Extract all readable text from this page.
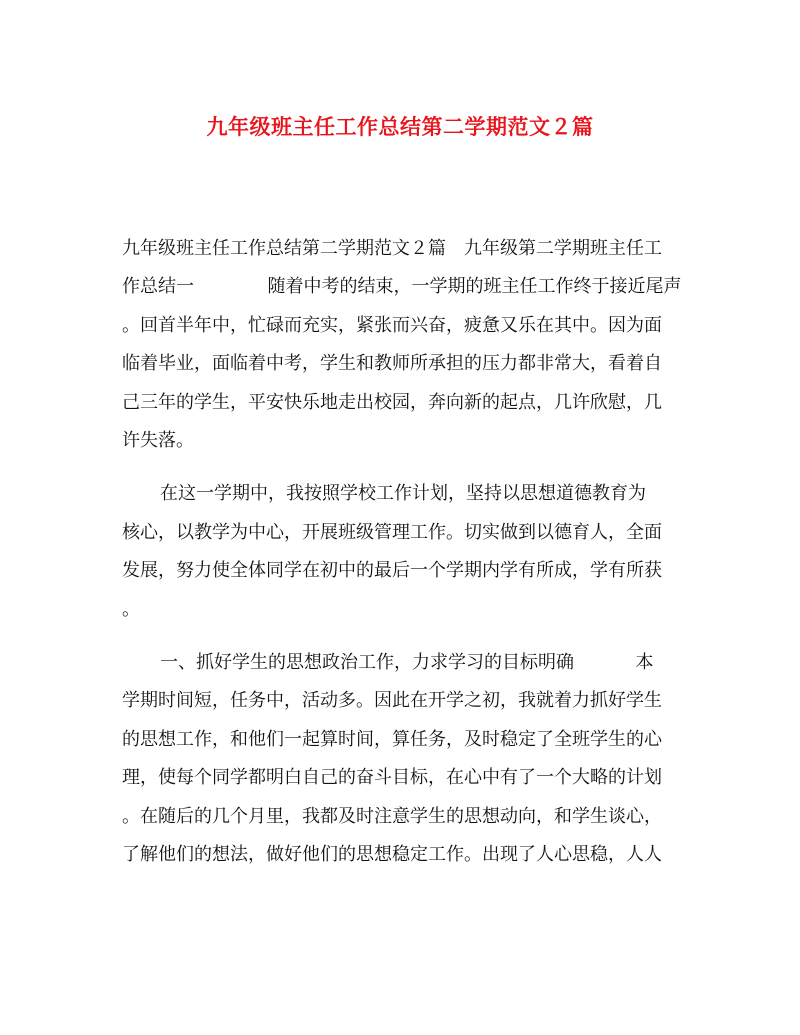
九年级班主任工作总结第二学期范文２篇
九年级班主任工作总结第二学期范文２篇　九年级第二学期班主任工
作总结一	随着中考的结束，一学期的班主任工作终于接近尾声
。回首半年中，忙碌而充实，紧张而兴奋，疲惫又乐在其中。因为面
临着毕业，面临着中考，学生和教师所承担的压力都非常大，看着自
己三年的学生，平安快乐地走出校园，奔向新的起点，几许欣慰，几
许失落。
在这一学期中，我按照学校工作计划，坚持以思想道德教育为
核心，以教学为中心，开展班级管理工作。切实做到以德育人，全面
发展，努力使全体同学在初中的最后一个学期内学有所成，学有所获
。
一、抓好学生的思想政治工作，力求学习的目标明确	本
学期时间短，任务中，活动多。因此在开学之初，我就着力抓好学生
的思想工作，和他们一起算时间，算任务，及时稳定了全班学生的心
理，使每个同学都明白自己的奋斗目标，在心中有了一个大略的计划
。在随后的几个月里，我都及时注意学生的思想动向，和学生谈心，
了解他们的想法，做好他们的思想稳定工作。出现了人心思稳，人人
